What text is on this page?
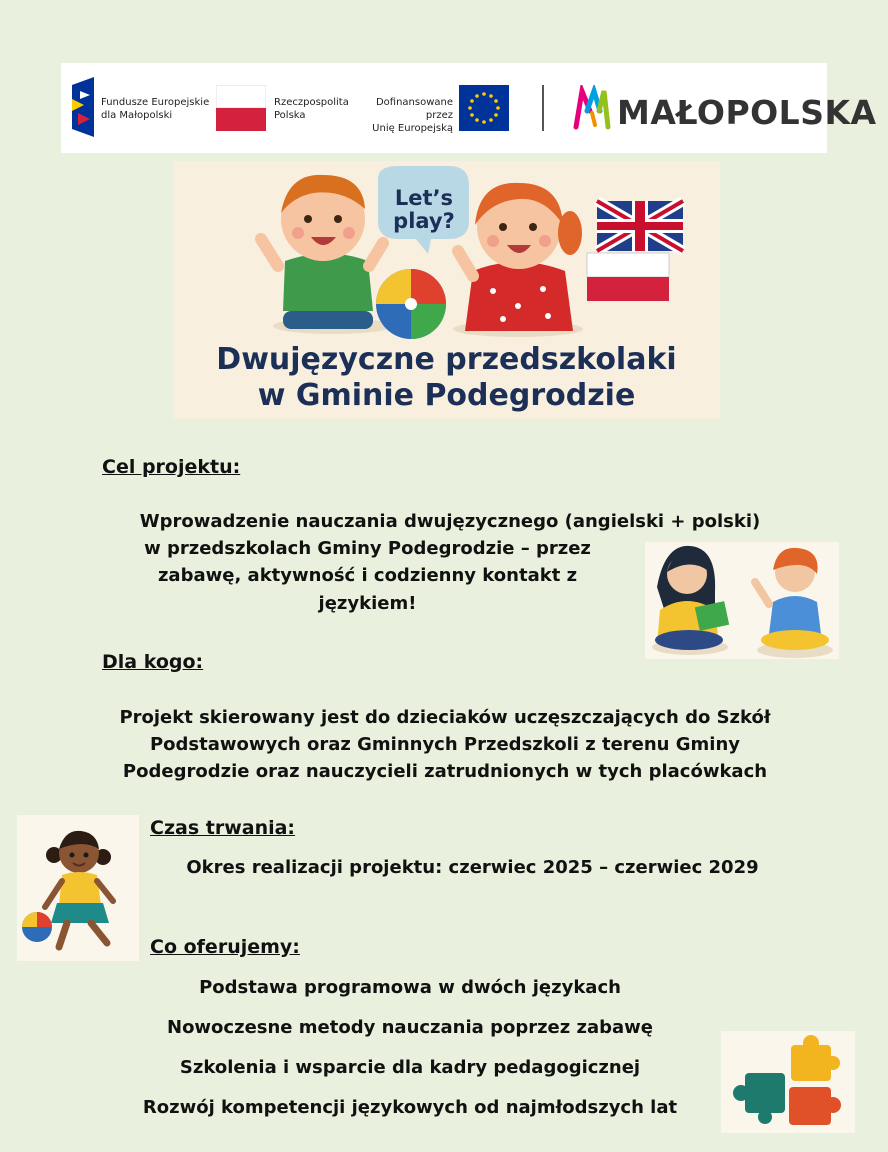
Fundusze Europejskie
dla Małopolski
Rzeczpospolita
Polska
Dofinansowane przez
Unię Europejską	MAŁOPOLSKA
Let’s
play?
Dwujęzyczne przedszkolaki
w Gminie Podegrodzie
Cel projektu:
Wprowadzenie nauczania dwujęzycznego (angielski + polski)
w przedszkolach Gminy Podegrodzie – przez
zabawę, aktywność i codzienny kontakt z
językiem!
Dla kogo:
Projekt skierowany jest do dzieciaków uczęszczających do Szkół
Podstawowych oraz Gminnych Przedszkoli z terenu Gminy
Podegrodzie oraz nauczycieli zatrudnionych w tych placówkach
Czas trwania:
Okres realizacji projektu: czerwiec 2025 – czerwiec 2029
Co oferujemy:
Podstawa programowa w dwóch językach
Nowoczesne metody nauczania poprzez zabawę
Szkolenia i wsparcie dla kadry pedagogicznej
Rozwój kompetencji językowych od najmłodszych lat
